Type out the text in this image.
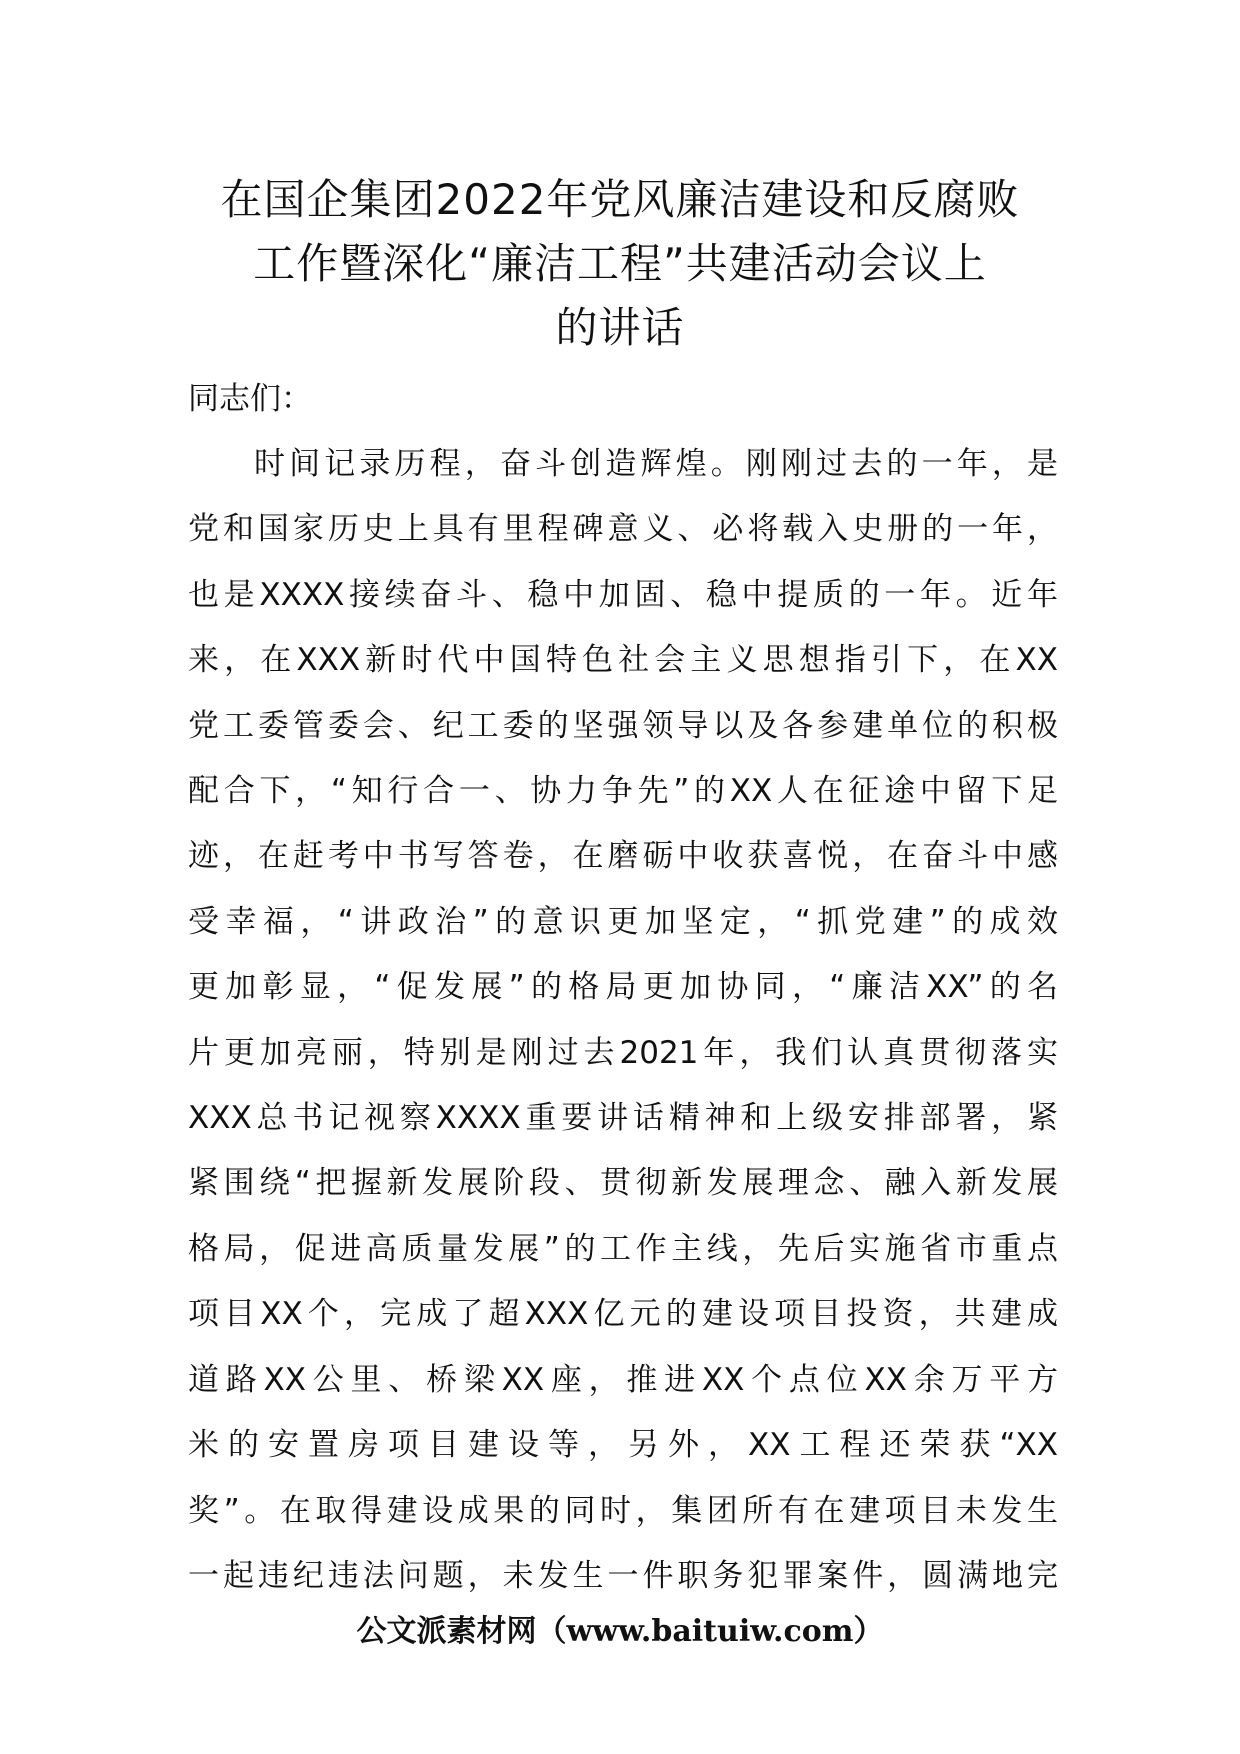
在国企集团2022年党风廉洁建设和反腐败
工作暨深化“廉洁工程”共建活动会议上
的讲话

同志们：

时间记录历程，奋斗创造辉煌。刚刚过去的一年，是
党和国家历史上具有里程碑意义、必将载入史册的一年，
也是XXXX接续奋斗、稳中加固、稳中提质的一年。近年
来，在XXX新时代中国特色社会主义思想指引下，在XX
党工委管委会、纪工委的坚强领导以及各参建单位的积极
配合下，“知行合一、协力争先”的XX人在征途中留下足
迹，在赶考中书写答卷，在磨砺中收获喜悦，在奋斗中感
受幸福，“讲政治”的意识更加坚定，“抓党建”的成效
更加彰显，“促发展”的格局更加协同，“廉洁XX”的名
片更加亮丽，特别是刚过去2021年，我们认真贯彻落实
XXX总书记视察XXXX重要讲话精神和上级安排部署，紧
紧围绕“把握新发展阶段、贯彻新发展理念、融入新发展
格局，促进高质量发展”的工作主线，先后实施省市重点
项目XX个，完成了超XXX亿元的建设项目投资，共建成
道路XX公里、桥梁XX座，推进XX个点位XX余万平方
米的安置房项目建设等，另外，XX工程还荣获“XX
奖”。在取得建设成果的同时，集团所有在建项目未发生
一起违纪违法问题，未发生一件职务犯罪案件，圆满地完
公文派素材网（www.baituiw.com）
